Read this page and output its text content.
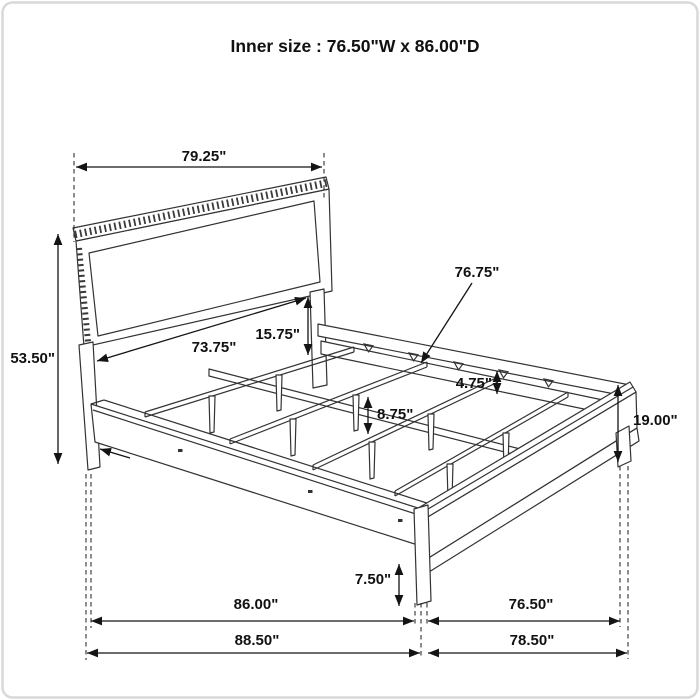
Inner size : 76.50"W x 86.00"D
79.25"
53.50"
73.75"
15.75"
76.75"
4.75"
8.75"	19.00"
7.50"
86.00"
88.50"
76.50"
78.50"
